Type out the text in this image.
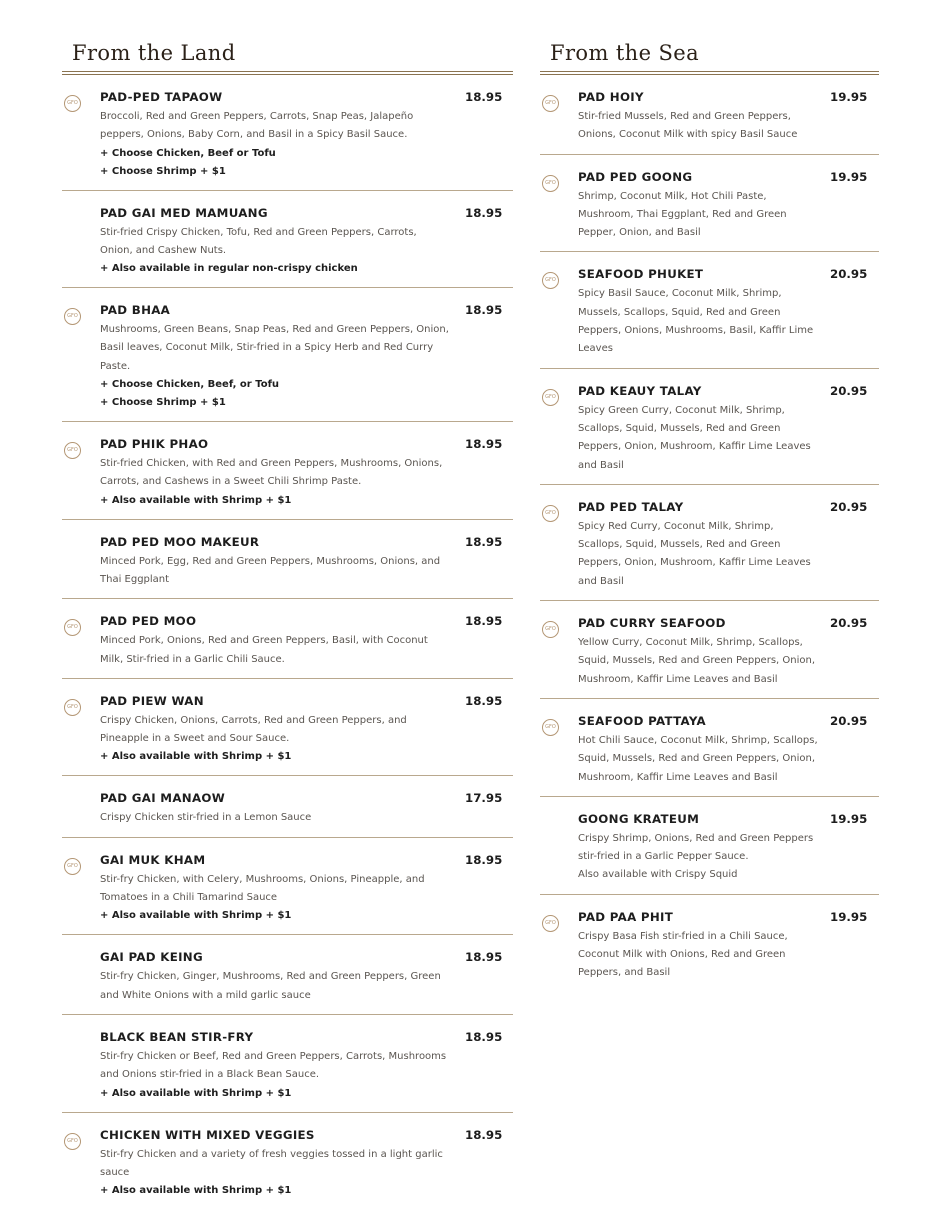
From the Land
GFO PAD-PED TAPAOW	18.95
Broccoli, Red and Green Peppers, Carrots, Snap Peas, Jalapeño peppers, Onions, Baby Corn, and Basil in a Spicy Basil Sauce.
+ Choose Chicken, Beef or Tofu
+ Choose Shrimp + $1
PAD GAI MED MAMUANG	18.95
Stir-fried Crispy Chicken, Tofu, Red and Green Peppers, Carrots, Onion, and Cashew Nuts.
+ Also available in regular non-crispy chicken
GFO PAD BHAA	18.95
Mushrooms, Green Beans, Snap Peas, Red and Green Peppers, Onion, Basil leaves, Coconut Milk, Stir-fried in a Spicy Herb and Red Curry Paste.
+ Choose Chicken, Beef, or Tofu
+ Choose Shrimp + $1
GFO PAD PHIK PHAO	18.95
Stir-fried Chicken, with Red and Green Peppers, Mushrooms, Onions, Carrots, and Cashews in a Sweet Chili Shrimp Paste.
+ Also available with Shrimp + $1
PAD PED MOO MAKEUR	18.95
Minced Pork, Egg, Red and Green Peppers, Mushrooms, Onions, and Thai Eggplant
GFO PAD PED MOO	18.95
Minced Pork, Onions, Red and Green Peppers, Basil, with Coconut Milk, Stir-fried in a Garlic Chili Sauce.
GFO PAD PIEW WAN	18.95
Crispy Chicken, Onions, Carrots, Red and Green Peppers, and Pineapple in a Sweet and Sour Sauce.
+ Also available with Shrimp + $1
PAD GAI MANAOW	17.95
Crispy Chicken stir-fried in a Lemon Sauce
GFO GAI MUK KHAM	18.95
Stir-fry Chicken, with Celery, Mushrooms, Onions, Pineapple, and Tomatoes in a Chili Tamarind Sauce
+ Also available with Shrimp + $1
GAI PAD KEING	18.95
Stir-fry Chicken, Ginger, Mushrooms, Red and Green Peppers, Green and White Onions with a mild garlic sauce
BLACK BEAN STIR-FRY	18.95
Stir-fry Chicken or Beef, Red and Green Peppers, Carrots, Mushrooms and Onions stir-fried in a Black Bean Sauce.
+ Also available with Shrimp + $1
GFO CHICKEN WITH MIXED VEGGIES	18.95
Stir-fry Chicken and a variety of fresh veggies tossed in a light garlic sauce
+ Also available with Shrimp + $1
From the Sea
GFO PAD HOIY	19.95
Stir-fried Mussels, Red and Green Peppers, Onions, Coconut Milk with spicy Basil Sauce
GFO PAD PED GOONG	19.95
Shrimp, Coconut Milk, Hot Chili Paste, Mushroom, Thai Eggplant, Red and Green Pepper, Onion, and Basil
GFO SEAFOOD PHUKET	20.95
Spicy Basil Sauce, Coconut Milk, Shrimp, Mussels, Scallops, Squid, Red and Green Peppers, Onions, Mushrooms, Basil, Kaffir Lime Leaves
GFO PAD KEAUY TALAY	20.95
Spicy Green Curry, Coconut Milk, Shrimp, Scallops, Squid, Mussels, Red and Green Peppers, Onion, Mushroom, Kaffir Lime Leaves and Basil
GFO PAD PED TALAY	20.95
Spicy Red Curry, Coconut Milk, Shrimp, Scallops, Squid, Mussels, Red and Green Peppers, Onion, Mushroom, Kaffir Lime Leaves and Basil
GFO PAD CURRY SEAFOOD	20.95
Yellow Curry, Coconut Milk, Shrimp, Scallops, Squid, Mussels, Red and Green Peppers, Onion, Mushroom, Kaffir Lime Leaves and Basil
GFO SEAFOOD PATTAYA	20.95
Hot Chili Sauce, Coconut Milk, Shrimp, Scallops, Squid, Mussels, Red and Green Peppers, Onion, Mushroom, Kaffir Lime Leaves and Basil
GOONG KRATEUM	19.95
Crispy Shrimp, Onions, Red and Green Peppers stir-fried in a Garlic Pepper Sauce.
Also available with Crispy Squid
GFO PAD PAA PHIT	19.95
Crispy Basa Fish stir-fried in a Chili Sauce, Coconut Milk with Onions, Red and Green Peppers, and Basil
